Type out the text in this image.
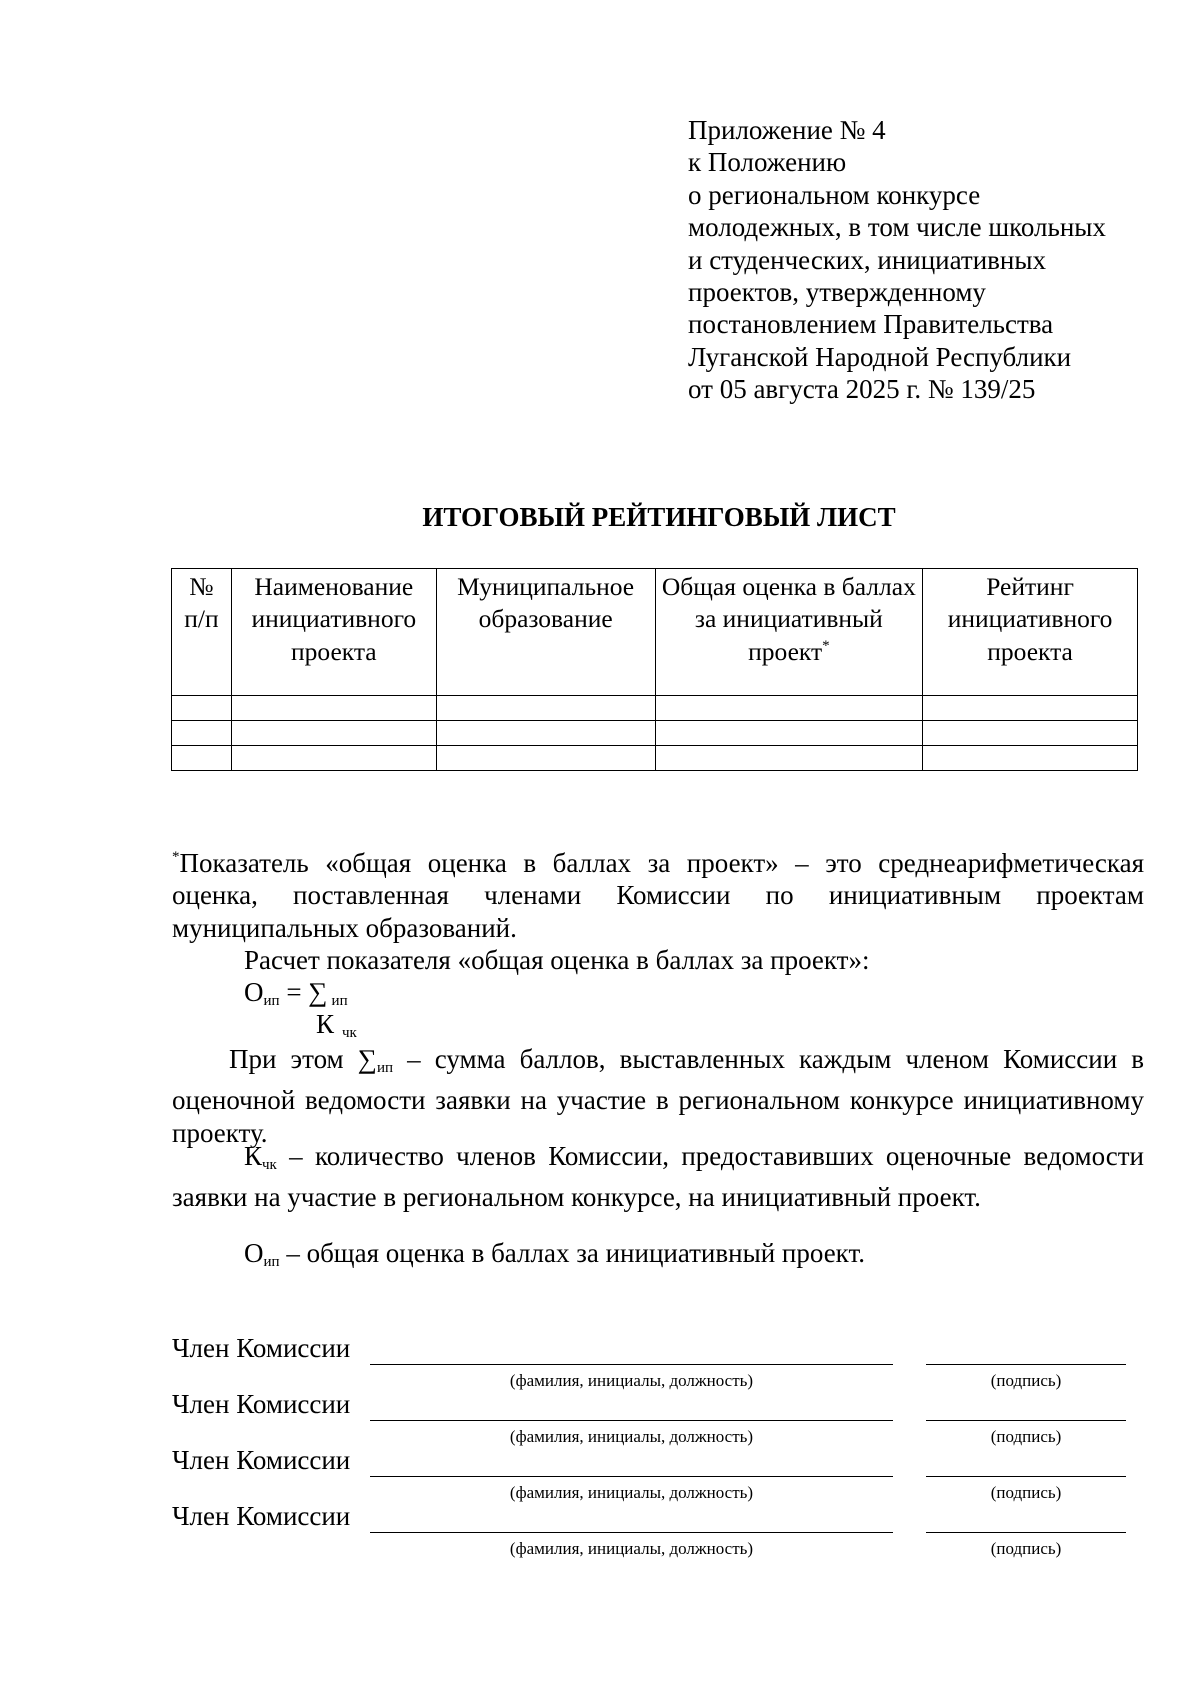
Приложение № 4
к Положению
о региональном конкурсе
молодежных, в том числе школьных
и студенческих, инициативных
проектов, утвержденному
постановлением Правительства
Луганской Народной Республики
от 05 августа 2025 г. № 139/25
ИТОГОВЫЙ РЕЙТИНГОВЫЙ ЛИСТ
№ п/п	Наименование инициативного проекта	Муниципальное образование	Общая оценка в баллах за инициативный проект*	Рейтинг инициативного проекта

*Показатель «общая оценка в баллах за проект» – это среднеарифметическая оценка, поставленная членами Комиссии по инициативным проектам муниципальных образований.
Расчет показателя «общая оценка в баллах за проект»:
$О_{ип}$ = ∑ $_{ип}$
К $_{чк}$
При этом $\sum_{ип}$ – сумма баллов, выставленных каждым членом Комиссии в оценочной ведомости заявки на участие в региональном конкурсе инициативному проекту.
$К_{чк}$ – количество членов Комиссии, предоставивших оценочные ведомости заявки на участие в региональном конкурсе, на инициативный проект.
$О_{ип}$ – общая оценка в баллах за инициативный проект.
Член Комиссии
(фамилия, инициалы, должность)	(подпись)
Член Комиссии
(фамилия, инициалы, должность)	(подпись)
Член Комиссии
(фамилия, инициалы, должность)	(подпись)
Член Комиссии
(фамилия, инициалы, должность)	(подпись)
